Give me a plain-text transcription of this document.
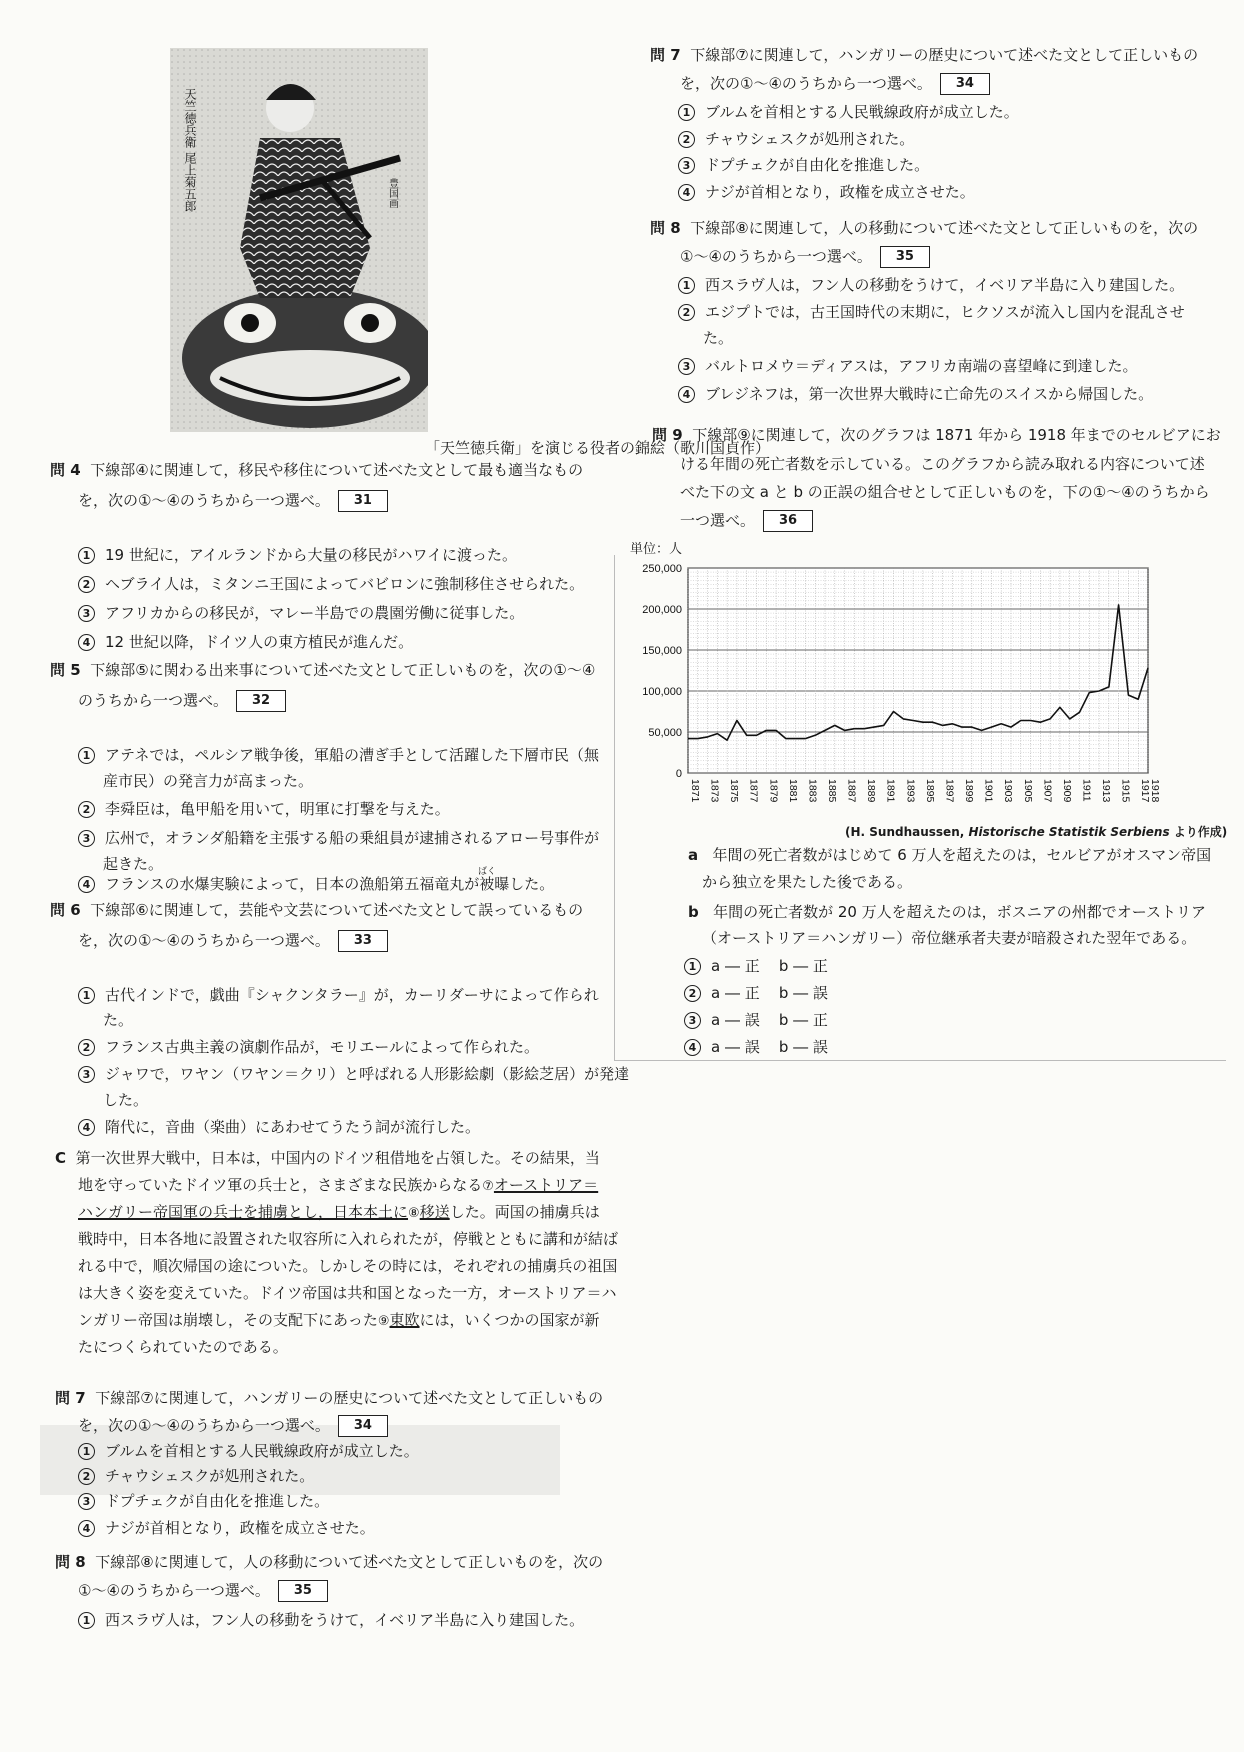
天竺徳兵衛 尾上菊五郎	豊国画
「天竺徳兵衛」を演じる役者の錦絵（歌川国貞作）
問 4 下線部④に関連して，移民や移住について述べた文として最も適当なもの
を，次の①～④のうちから一つ選べ。 31
1 19 世紀に，アイルランドから大量の移民がハワイに渡った。
2 ヘブライ人は，ミタンニ王国によってバビロンに強制移住させられた。
3 アフリカからの移民が，マレー半島での農園労働に従事した。
4 12 世紀以降，ドイツ人の東方植民が進んだ。
問 5 下線部⑤に関わる出来事について述べた文として正しいものを，次の①～④
のうちから一つ選べ。 32
1 アテネでは，ペルシア戦争後，軍船の漕ぎ手として活躍した下層市民（無
産市民）の発言力が高まった。
2 李舜臣は，亀甲船を用いて，明軍に打撃を与えた。
3 広州で，オランダ船籍を主張する船の乗組員が逮捕されるアロー号事件が
起きた。	ばく
4 フランスの水爆実験によって，日本の漁船第五福竜丸が被曝した。
問 6 下線部⑥に関連して，芸能や文芸について述べた文として誤っているもの
を，次の①～④のうちから一つ選べ。 33
1 古代インドで，戯曲『シャクンタラー』が，カーリダーサによって作られ
た。
2 フランス古典主義の演劇作品が，モリエールによって作られた。
3 ジャワで，ワヤン（ワヤン＝クリ）と呼ばれる人形影絵劇（影絵芝居）が発達
した。
4 隋代に，音曲（楽曲）にあわせてうたう詞が流行した。
C 第一次世界大戦中，日本は，中国内のドイツ租借地を占領した。その結果，当
地を守っていたドイツ軍の兵士と，さまざまな民族からなる⑦オーストリア＝
ハンガリー帝国軍の兵士を捕虜とし，日本本土に⑧移送した。両国の捕虜兵は
戦時中，日本各地に設置された収容所に入れられたが，停戦とともに講和が結ば
れる中で，順次帰国の途についた。しかしその時には，それぞれの捕虜兵の祖国
は大きく姿を変えていた。ドイツ帝国は共和国となった一方，オーストリア＝ハ
ンガリー帝国は崩壊し，その支配下にあった⑨東欧には，いくつかの国家が新
たにつくられていたのである。
問 7 下線部⑦に関連して，ハンガリーの歴史について述べた文として正しいもの
を，次の①～④のうちから一つ選べ。 34
1 ブルムを首相とする人民戦線政府が成立した。
2 チャウシェスクが処刑された。
3 ドプチェクが自由化を推進した。
4 ナジが首相となり，政権を成立させた。
問 8 下線部⑧に関連して，人の移動について述べた文として正しいものを，次の
①～④のうちから一つ選べ。 35
1 西スラヴ人は，フン人の移動をうけて，イベリア半島に入り建国した。
問 7 下線部⑦に関連して，ハンガリーの歴史について述べた文として正しいもの
を，次の①～④のうちから一つ選べ。 34
1 ブルムを首相とする人民戦線政府が成立した。
2 チャウシェスクが処刑された。
3 ドプチェクが自由化を推進した。
4 ナジが首相となり，政権を成立させた。
問 8 下線部⑧に関連して，人の移動について述べた文として正しいものを，次の
①～④のうちから一つ選べ。 35
1 西スラヴ人は，フン人の移動をうけて，イベリア半島に入り建国した。
2 エジプトでは，古王国時代の末期に，ヒクソスが流入し国内を混乱させ
た。
3 バルトロメウ＝ディアスは，アフリカ南端の喜望峰に到達した。
4 ブレジネフは，第一次世界大戦時に亡命先のスイスから帰国した。
問 9 下線部⑨に関連して，次のグラフは 1871 年から 1918 年までのセルビアにお
ける年間の死亡者数を示している。このグラフから読み取れる内容について述
べた下の文 a と b の正誤の組合せとして正しいものを，下の①～④のうちから
一つ選べ。 36
単位：人
250,000
200,000
150,000
100,000
50,000
0
1871 1873 1875 1877 1879 1881 1883 1885 1887 1889 1891 1893 1895 1897 1899 1901 1903 1905 1907 1909 1911 1913 1915 1917
1918
(H. Sundhaussen, Historische Statistik Serbiens より作成)
a 年間の死亡者数がはじめて 6 万人を超えたのは，セルビアがオスマン帝国
から独立を果たした後である。
b 年間の死亡者数が 20 万人を超えたのは，ボスニアの州都でオーストリア
（オーストリア＝ハンガリー）帝位継承者夫妻が暗殺された翌年である。
1 a ― 正 b ― 正
2 a ― 正 b ― 誤
3 a ― 誤 b ― 正
4 a ― 誤 b ― 誤
